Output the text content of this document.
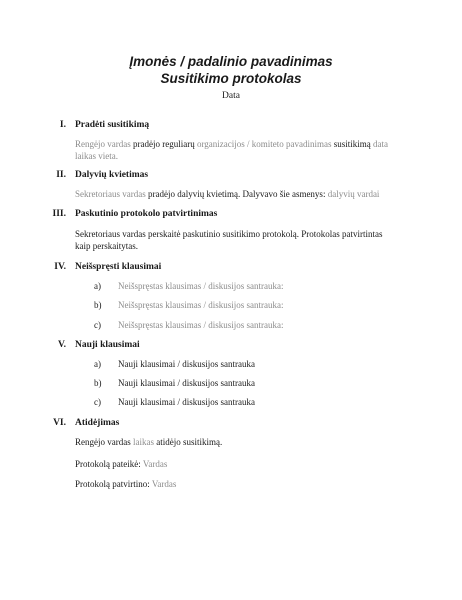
Įmonės / padalinio pavadinimas
Susitikimo protokolas
Data
I. Pradėti susitikimą
Rengėjo vardas pradėjo reguliarų organizacijos / komiteto pavadinimas susitikimą data laikas vieta.
II. Dalyvių kvietimas
Sekretoriaus vardas pradėjo dalyvių kvietimą. Dalyvavo šie asmenys: dalyvių vardai
III. Paskutinio protokolo patvirtinimas
Sekretoriaus vardas perskaitė paskutinio susitikimo protokolą. Protokolas patvirtintas
kaip perskaitytas.
IV. Neišspręsti klausimai
a) Neišspręstas klausimas / diskusijos santrauka:
b) Neišspręstas klausimas / diskusijos santrauka:
c) Neišspręstas klausimas / diskusijos santrauka:
V. Nauji klausimai
a) Nauji klausimai / diskusijos santrauka
b) Nauji klausimai / diskusijos santrauka
c) Nauji klausimai / diskusijos santrauka
VI. Atidėjimas
Rengėjo vardas laikas atidėjo susitikimą.
Protokolą pateikė: Vardas
Protokolą patvirtino: Vardas
